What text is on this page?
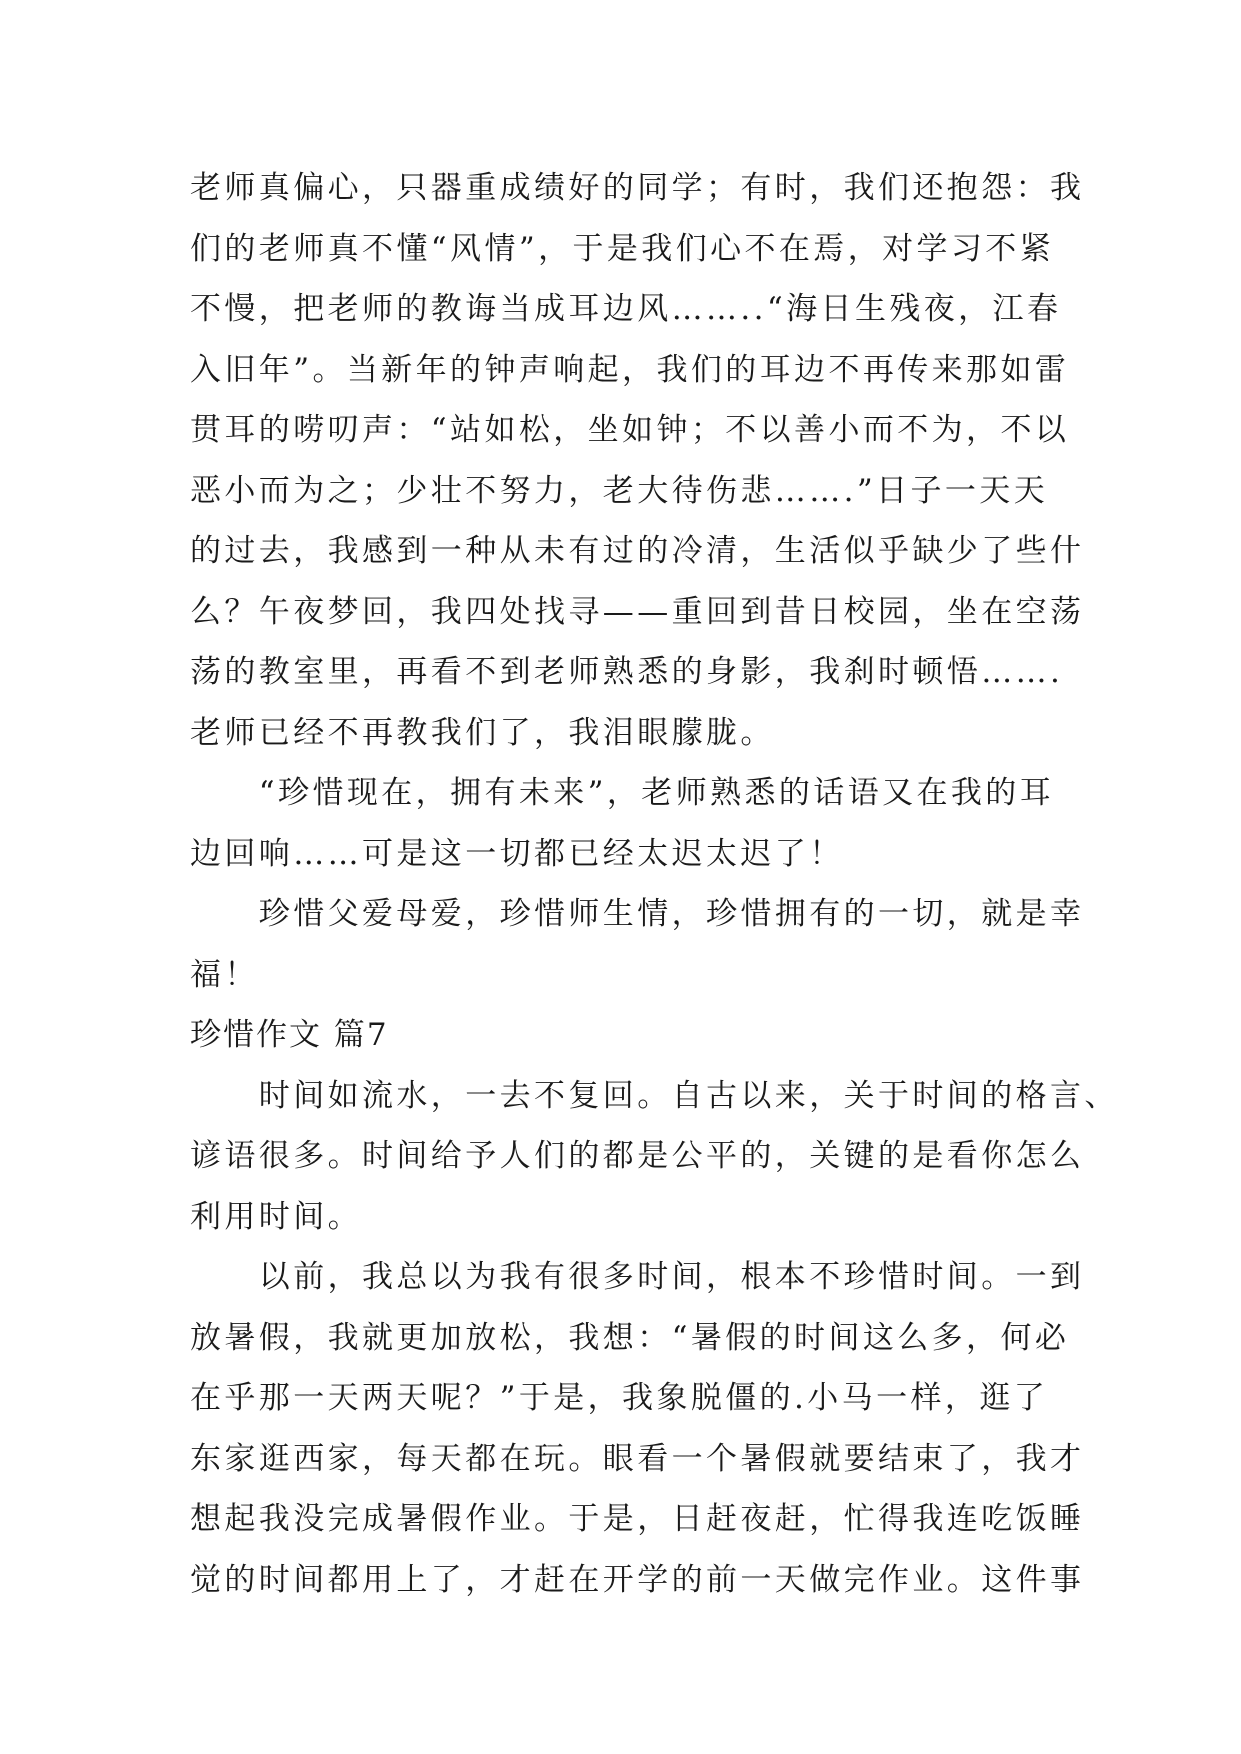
老师真偏心，只器重成绩好的同学；有时，我们还抱怨：我
们的老师真不懂“风情”，于是我们心不在焉，对学习不紧
不慢，把老师的教诲当成耳边风……..“海日生残夜，江春
入旧年”。当新年的钟声响起，我们的耳边不再传来那如雷
贯耳的唠叨声：“站如松，坐如钟；不以善小而不为，不以
恶小而为之；少壮不努力，老大待伤悲…….”日子一天天
的过去，我感到一种从未有过的冷清，生活似乎缺少了些什
么？午夜梦回，我四处找寻——重回到昔日校园，坐在空荡
荡的教室里，再看不到老师熟悉的身影，我刹时顿悟…….
老师已经不再教我们了，我泪眼朦胧。
　　“珍惜现在，拥有未来”，老师熟悉的话语又在我的耳
边回响……可是这一切都已经太迟太迟了！
　　珍惜父爱母爱，珍惜师生情，珍惜拥有的一切，就是幸
福！
珍惜作文 篇7
　　时间如流水，一去不复回。自古以来，关于时间的格言、
谚语很多。时间给予人们的都是公平的，关键的是看你怎么
利用时间。
　　以前，我总以为我有很多时间，根本不珍惜时间。一到
放暑假，我就更加放松，我想：“暑假的时间这么多，何必
在乎那一天两天呢？”于是，我象脱僵的.小马一样，逛了
东家逛西家，每天都在玩。眼看一个暑假就要结束了，我才
想起我没完成暑假作业。于是，日赶夜赶，忙得我连吃饭睡
觉的时间都用上了，才赶在开学的前一天做完作业。这件事
